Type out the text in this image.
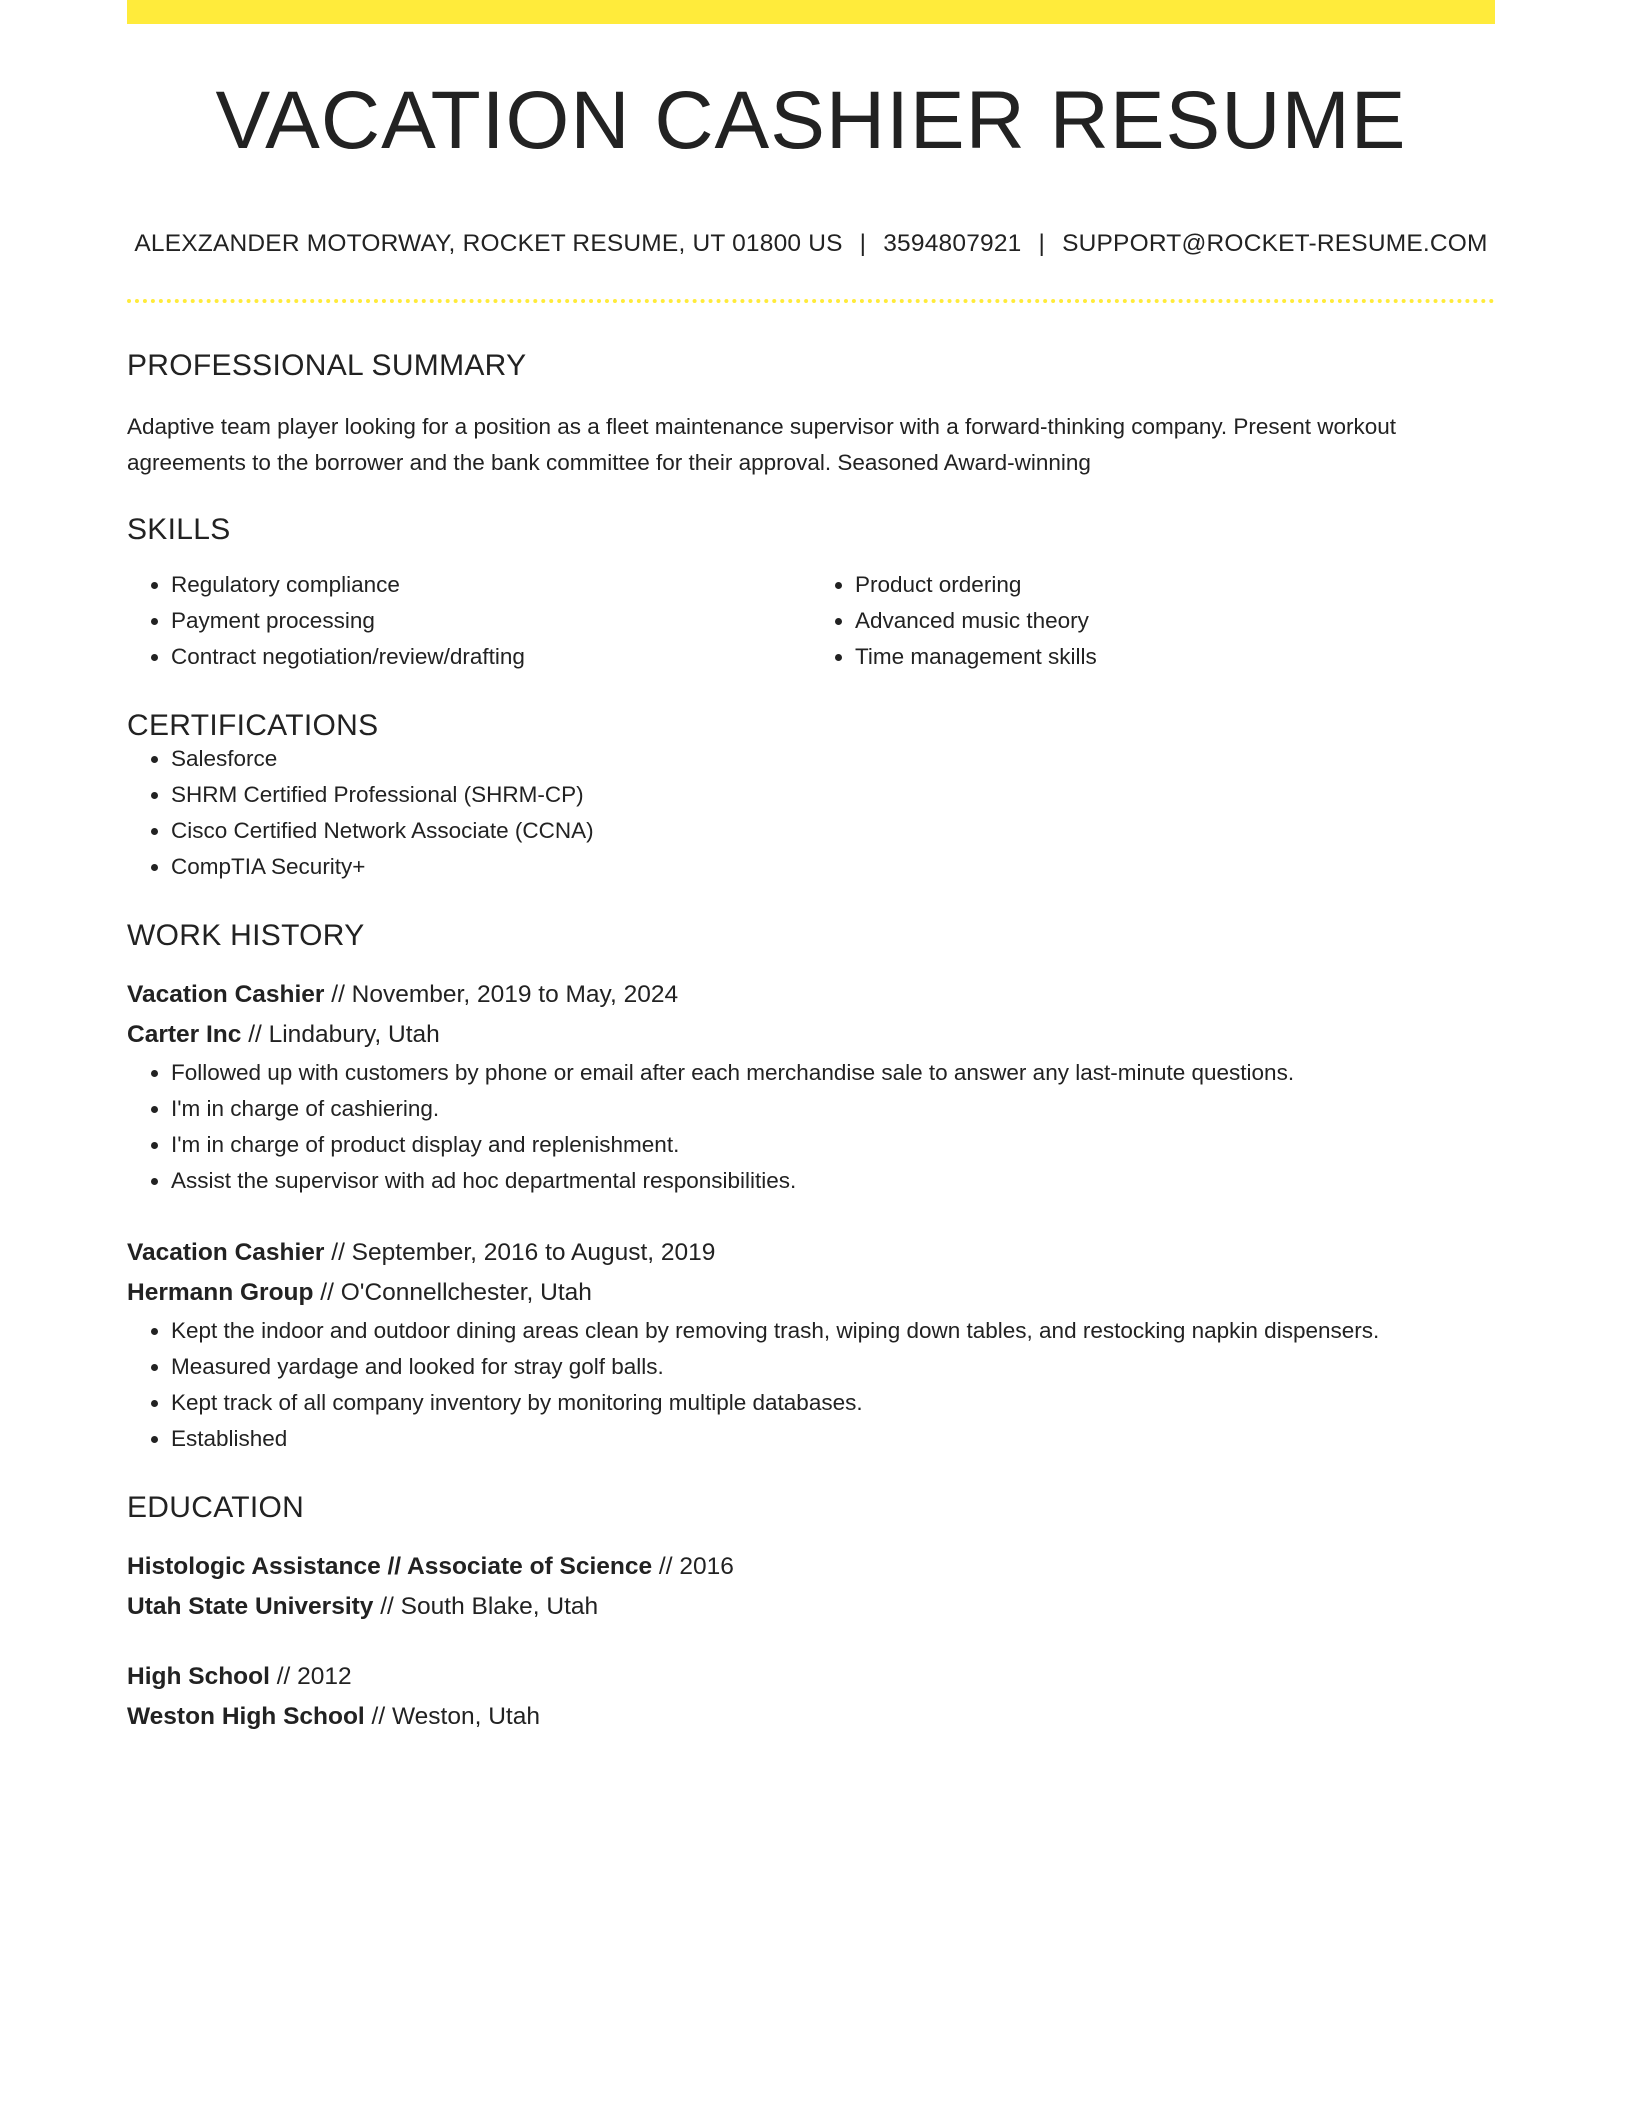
VACATION CASHIER RESUME
ALEXZANDER MOTORWAY, ROCKET RESUME, UT 01800 US | 3594807921 | SUPPORT@ROCKET-RESUME.COM
PROFESSIONAL SUMMARY

Adaptive team player looking for a position as a fleet maintenance supervisor with a forward-thinking company. Present workout agreements to the borrower and the bank committee for their approval. Seasoned Award-winning

SKILLS
• Regulatory compliance
• Payment processing
• Contract negotiation/review/drafting
• Product ordering
• Advanced music theory
• Time management skills
CERTIFICATIONS
• Salesforce
• SHRM Certified Professional (SHRM-CP)
• Cisco Certified Network Associate (CCNA)
• CompTIA Security+
WORK HISTORY
Vacation Cashier // November, 2019 to May, 2024
Carter Inc // Lindabury, Utah
• Followed up with customers by phone or email after each merchandise sale to answer any last-minute questions.
• I'm in charge of cashiering.
• I'm in charge of product display and replenishment.
• Assist the supervisor with ad hoc departmental responsibilities.
Vacation Cashier // September, 2016 to August, 2019
Hermann Group // O'Connellchester, Utah
• Kept the indoor and outdoor dining areas clean by removing trash, wiping down tables, and restocking napkin dispensers.
• Measured yardage and looked for stray golf balls.
• Kept track of all company inventory by monitoring multiple databases.
• Established
EDUCATION
Histologic Assistance // Associate of Science // 2016
Utah State University // South Blake, Utah
High School // 2012
Weston High School // Weston, Utah
